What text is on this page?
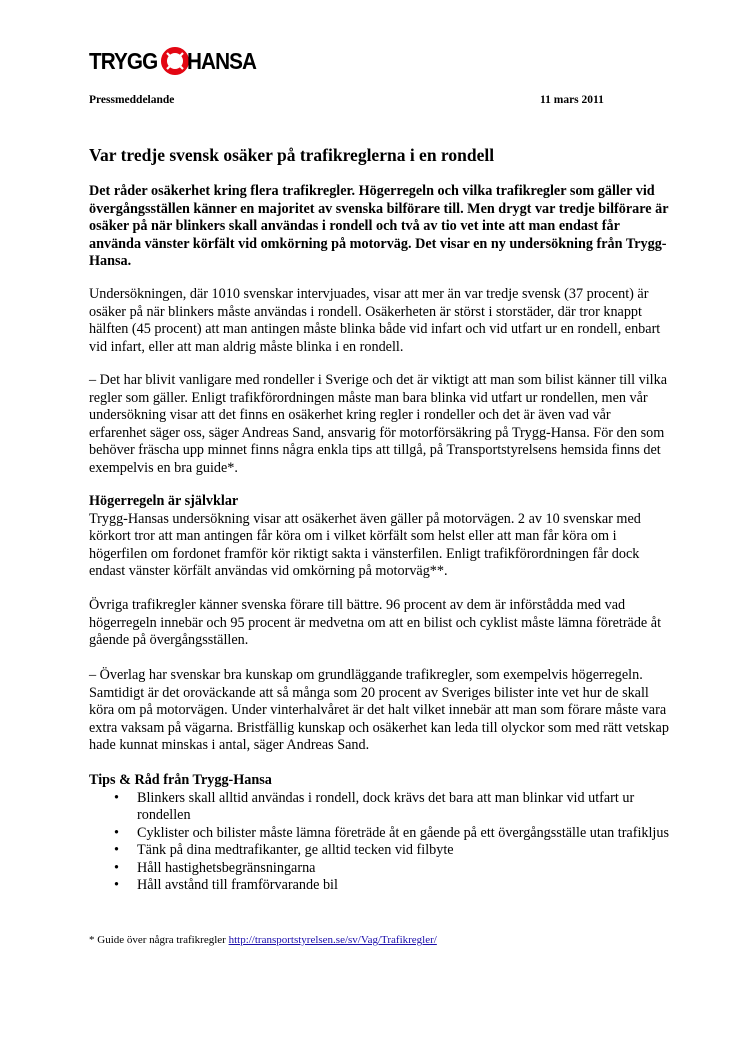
TRYGG HANSA
Pressmeddelande	11 mars 2011
Var tredje svensk osäker på trafikreglerna i en rondell

Det råder osäkerhet kring flera trafikregler. Högerregeln och vilka trafikregler som gäller vid övergångsställen känner en majoritet av svenska bilförare till. Men drygt var tredje bilförare är osäker på när blinkers skall användas i rondell och två av tio vet inte att man endast får använda vänster körfält vid omkörning på motorväg. Det visar en ny undersökning från Trygg-Hansa.

Undersökningen, där 1010 svenskar intervjuades, visar att mer än var tredje svensk (37 procent) är osäker på när blinkers måste användas i rondell. Osäkerheten är störst i storstäder, där tror knappt hälften (45 procent) att man antingen måste blinka både vid infart och vid utfart ur en rondell, enbart vid infart, eller att man aldrig måste blinka i en rondell.

– Det har blivit vanligare med rondeller i Sverige och det är viktigt att man som bilist känner till vilka regler som gäller. Enligt trafikförordningen måste man bara blinka vid utfart ur rondellen, men vår undersökning visar att det finns en osäkerhet kring regler i rondeller och det är även vad vår erfarenhet säger oss, säger Andreas Sand, ansvarig för motorförsäkring på Trygg-Hansa. För den som behöver fräscha upp minnet finns några enkla tips att tillgå, på Transportstyrelsens hemsida finns det exempelvis en bra guide*.

Högerregeln är självklar

Trygg-Hansas undersökning visar att osäkerhet även gäller på motorvägen. 2 av 10 svenskar med körkort tror att man antingen får köra om i vilket körfält som helst eller att man får köra om i högerfilen om fordonet framför kör riktigt sakta i vänsterfilen. Enligt trafikförordningen får dock endast vänster körfält användas vid omkörning på motorväg**.

Övriga trafikregler känner svenska förare till bättre. 96 procent av dem är införstådda med vad högerregeln innebär och 95 procent är medvetna om att en bilist och cyklist måste lämna företräde åt gående på övergångsställen.

– Överlag har svenskar bra kunskap om grundläggande trafikregler, som exempelvis högerregeln. Samtidigt är det oroväckande att så många som 20 procent av Sveriges bilister inte vet hur de skall köra om på motorvägen. Under vinterhalvåret är det halt vilket innebär att man som förare måste vara extra vaksam på vägarna. Bristfällig kunskap och osäkerhet kan leda till olyckor som med rätt vetskap hade kunnat minskas i antal, säger Andreas Sand.

Tips & Råd från Trygg-Hansa

• Blinkers skall alltid användas i rondell, dock krävs det bara att man blinkar vid utfart ur rondellen
• Cyklister och bilister måste lämna företräde åt en gående på ett övergångsställe utan trafikljus
• Tänk på dina medtrafikanter, ge alltid tecken vid filbyte
• Håll hastighetsbegränsningarna
• Håll avstånd till framförvarande bil
* Guide över några trafikregler http://transportstyrelsen.se/sv/Vag/Trafikregler/
